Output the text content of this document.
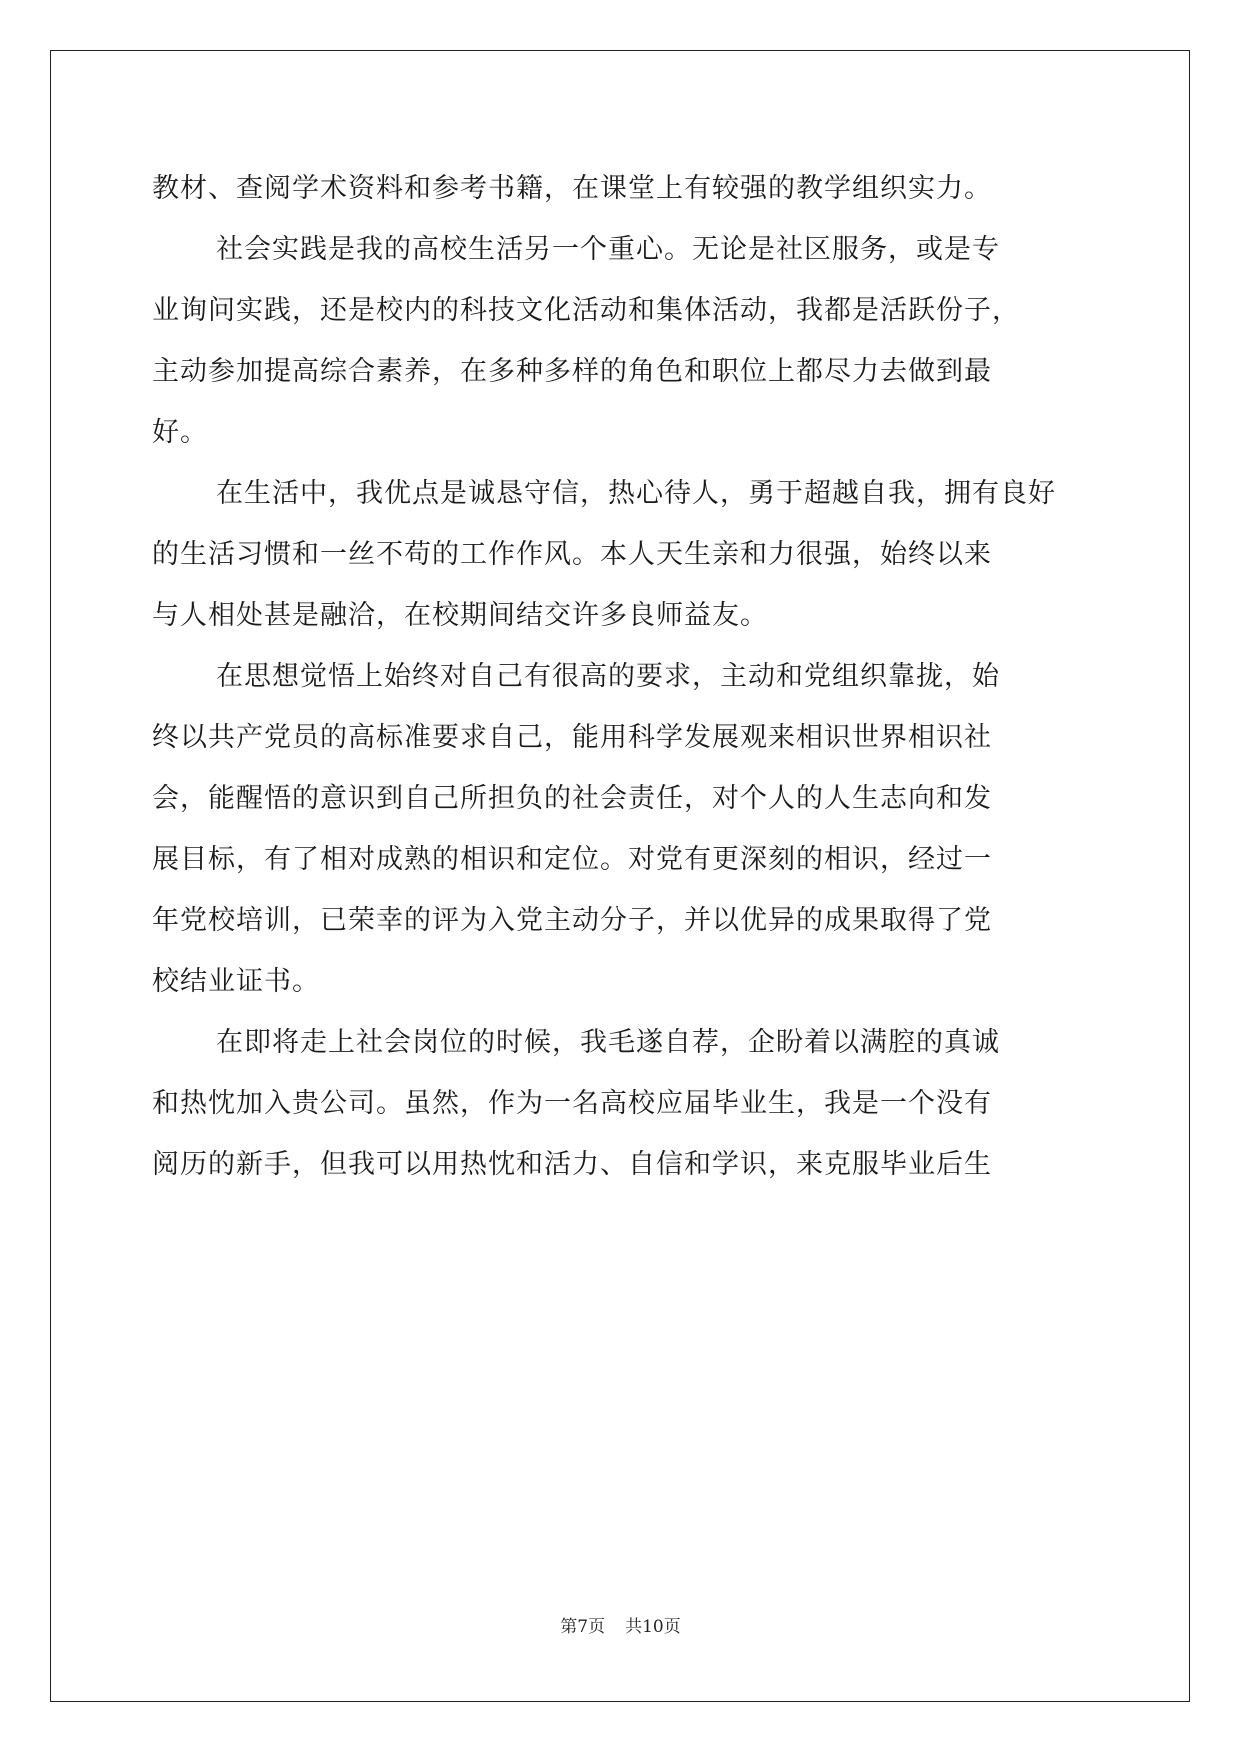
教材、查阅学术资料和参考书籍，在课堂上有较强的教学组织实力。
社会实践是我的高校生活另一个重心。无论是社区服务，或是专
业询问实践，还是校内的科技文化活动和集体活动，我都是活跃份子，
主动参加提高综合素养，在多种多样的角色和职位上都尽力去做到最
好。
在生活中，我优点是诚恳守信，热心待人，勇于超越自我，拥有良好
的生活习惯和一丝不苟的工作作风。本人天生亲和力很强，始终以来
与人相处甚是融洽，在校期间结交许多良师益友。
在思想觉悟上始终对自己有很高的要求，主动和党组织靠拢，始
终以共产党员的高标准要求自己，能用科学发展观来相识世界相识社
会，能醒悟的意识到自己所担负的社会责任，对个人的人生志向和发
展目标，有了相对成熟的相识和定位。对党有更深刻的相识，经过一
年党校培训，已荣幸的评为入党主动分子，并以优异的成果取得了党
校结业证书。
在即将走上社会岗位的时候，我毛遂自荐，企盼着以满腔的真诚
和热忱加入贵公司。虽然，作为一名高校应届毕业生，我是一个没有
阅历的新手，但我可以用热忱和活力、自信和学识，来克服毕业后生
第7页 共10页
